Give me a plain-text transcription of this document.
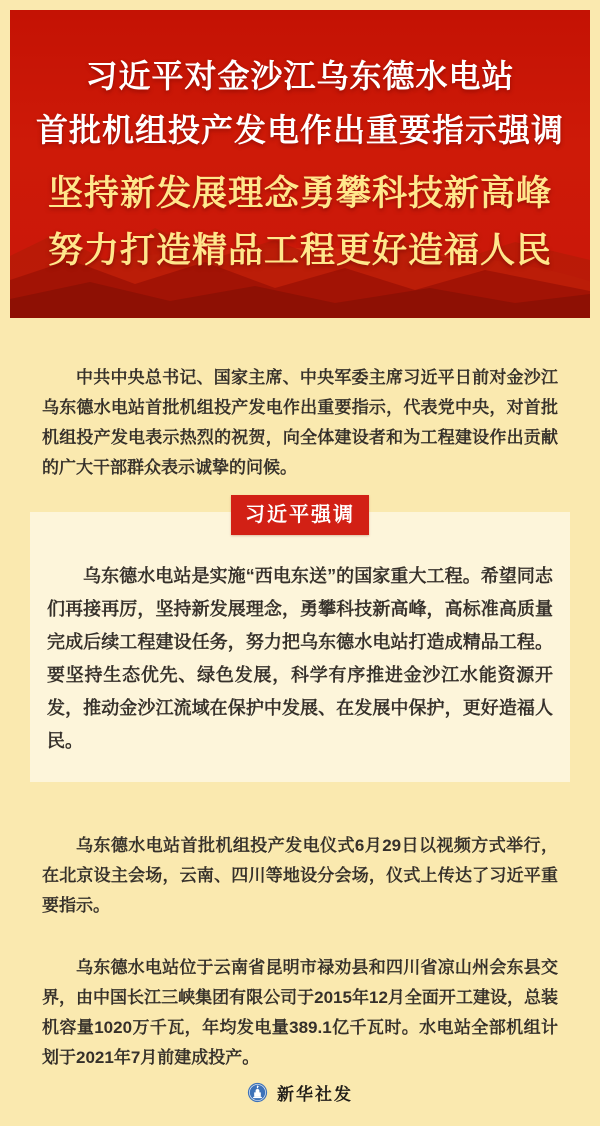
习近平对金沙江乌东德水电站
首批机组投产发电作出重要指示强调
坚持新发展理念勇攀科技新高峰
努力打造精品工程更好造福人民

中共中央总书记、国家主席、中央军委主席习近平日前对金沙江乌东德水电站首批机组投产发电作出重要指示，代表党中央，对首批机组投产发电表示热烈的祝贺，向全体建设者和为工程建设作出贡献的广大干部群众表示诚挚的问候。

习近平强调

乌东德水电站是实施“西电东送”的国家重大工程。希望同志们再接再厉，坚持新发展理念，勇攀科技新高峰，高标准高质量完成后续工程建设任务，努力把乌东德水电站打造成精品工程。要坚持生态优先、绿色发展，科学有序推进金沙江水能资源开发，推动金沙江流域在保护中发展、在发展中保护，更好造福人民。

乌东德水电站首批机组投产发电仪式6月29日以视频方式举行，在北京设主会场，云南、四川等地设分会场，仪式上传达了习近平重要指示。

乌东德水电站位于云南省昆明市禄劝县和四川省凉山州会东县交界，由中国长江三峡集团有限公司于2015年12月全面开工建设，总装机容量1020万千瓦，年均发电量389.1亿千瓦时。水电站全部机组计划于2021年7月前建成投产。

新华社发
